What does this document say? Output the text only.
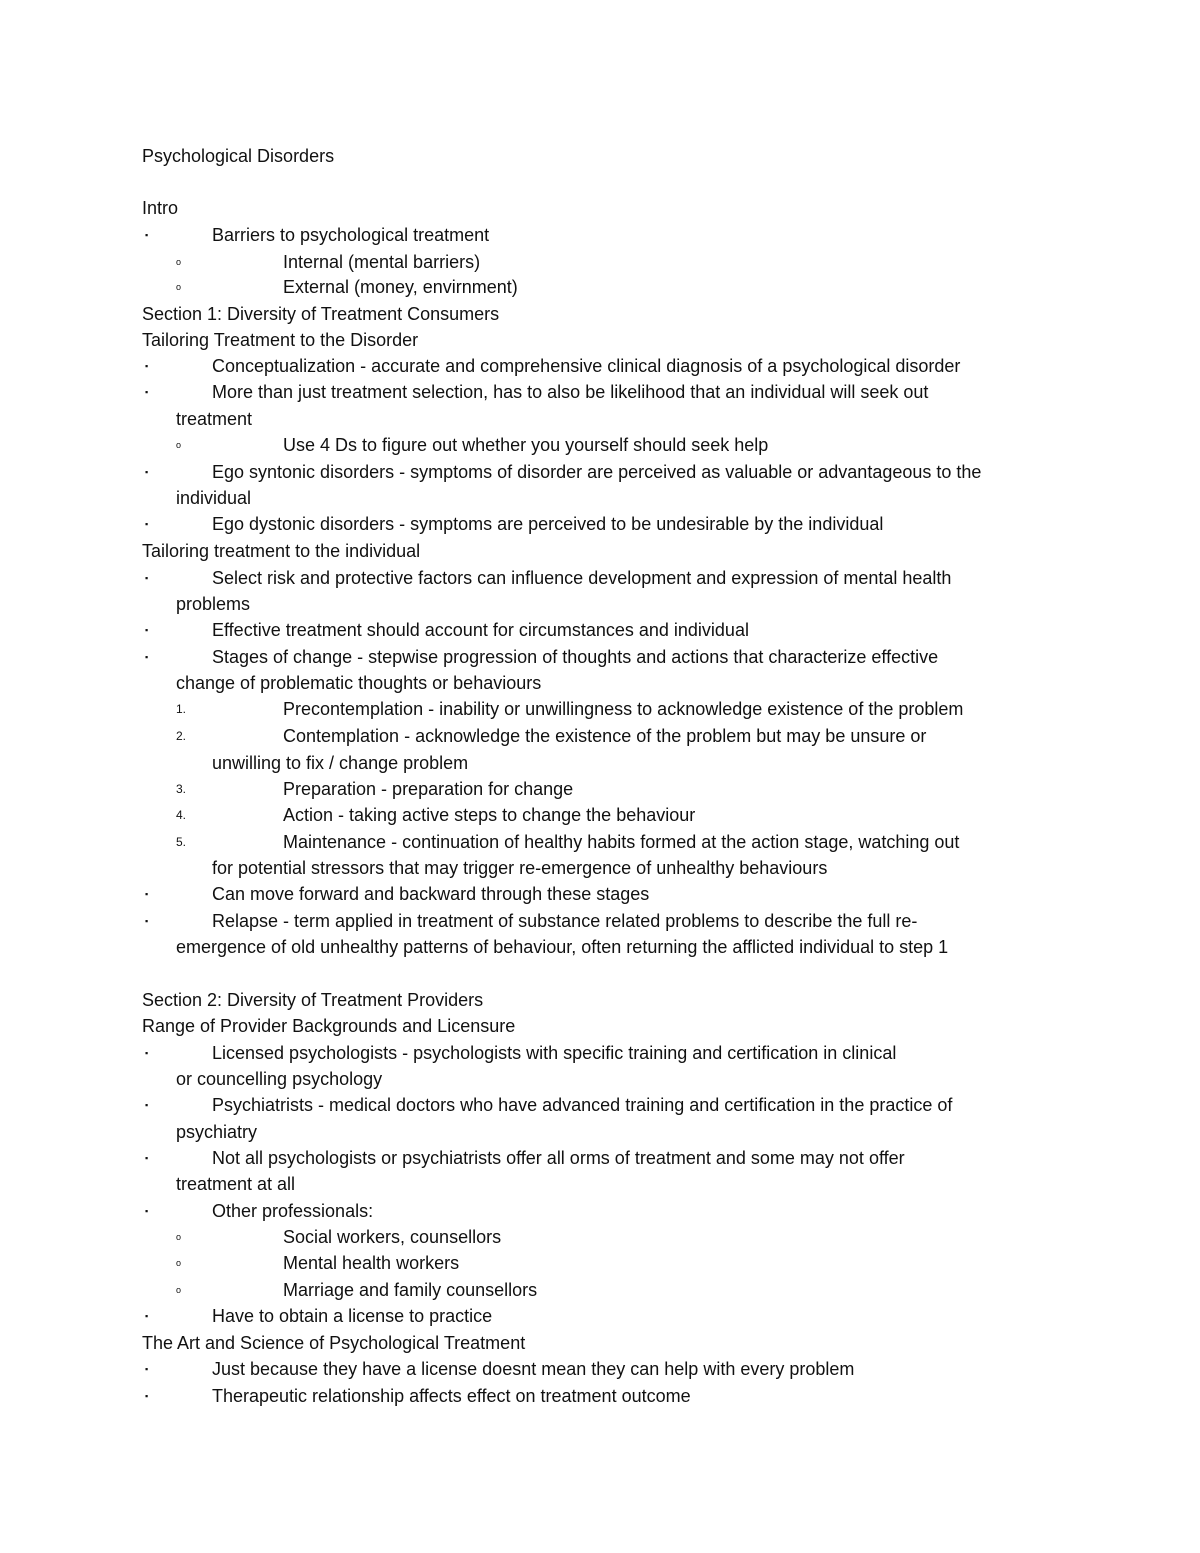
Psychological Disorders
Intro
▪	Barriers to psychological treatment
o	Internal (mental barriers)
o	External (money, envirnment)
Section 1: Diversity of Treatment Consumers
Tailoring Treatment to the Disorder
▪	Conceptualization - accurate and comprehensive clinical diagnosis of a psychological disorder
▪	More than just treatment selection, has to also be likelihood that an individual will seek out
treatment
o	Use 4 Ds to figure out whether you yourself should seek help
▪	Ego syntonic disorders - symptoms of disorder are perceived as valuable or advantageous to the
individual
▪	Ego dystonic disorders - symptoms are perceived to be undesirable by the individual
Tailoring treatment to the individual
▪	Select risk and protective factors can influence development and expression of mental health
problems
▪	Effective treatment should account for circumstances and individual
▪	Stages of change - stepwise progression of thoughts and actions that characterize effective
change of problematic thoughts or behaviours
1.	Precontemplation - inability or unwillingness to acknowledge existence of the problem
2.	Contemplation - acknowledge the existence of the problem but may be unsure or
unwilling to fix / change problem
3.	Preparation - preparation for change
4.	Action - taking active steps to change the behaviour
5.	Maintenance - continuation of healthy habits formed at the action stage, watching out
for potential stressors that may trigger re-emergence of unhealthy behaviours
▪	Can move forward and backward through these stages
▪	Relapse - term applied in treatment of substance related problems to describe the full re-
emergence of old unhealthy patterns of behaviour, often returning the afflicted individual to step 1
Section 2: Diversity of Treatment Providers
Range of Provider Backgrounds and Licensure
▪	Licensed psychologists - psychologists with specific training and certification in clinical
or councelling psychology
▪	Psychiatrists - medical doctors who have advanced training and certification in the practice of
psychiatry
▪	Not all psychologists or psychiatrists offer all orms of treatment and some may not offer
treatment at all
▪	Other professionals:
o	Social workers, counsellors
o	Mental health workers
o	Marriage and family counsellors
▪	Have to obtain a license to practice
The Art and Science of Psychological Treatment
▪	Just because they have a license doesnt mean they can help with every problem
▪	Therapeutic relationship affects effect on treatment outcome
